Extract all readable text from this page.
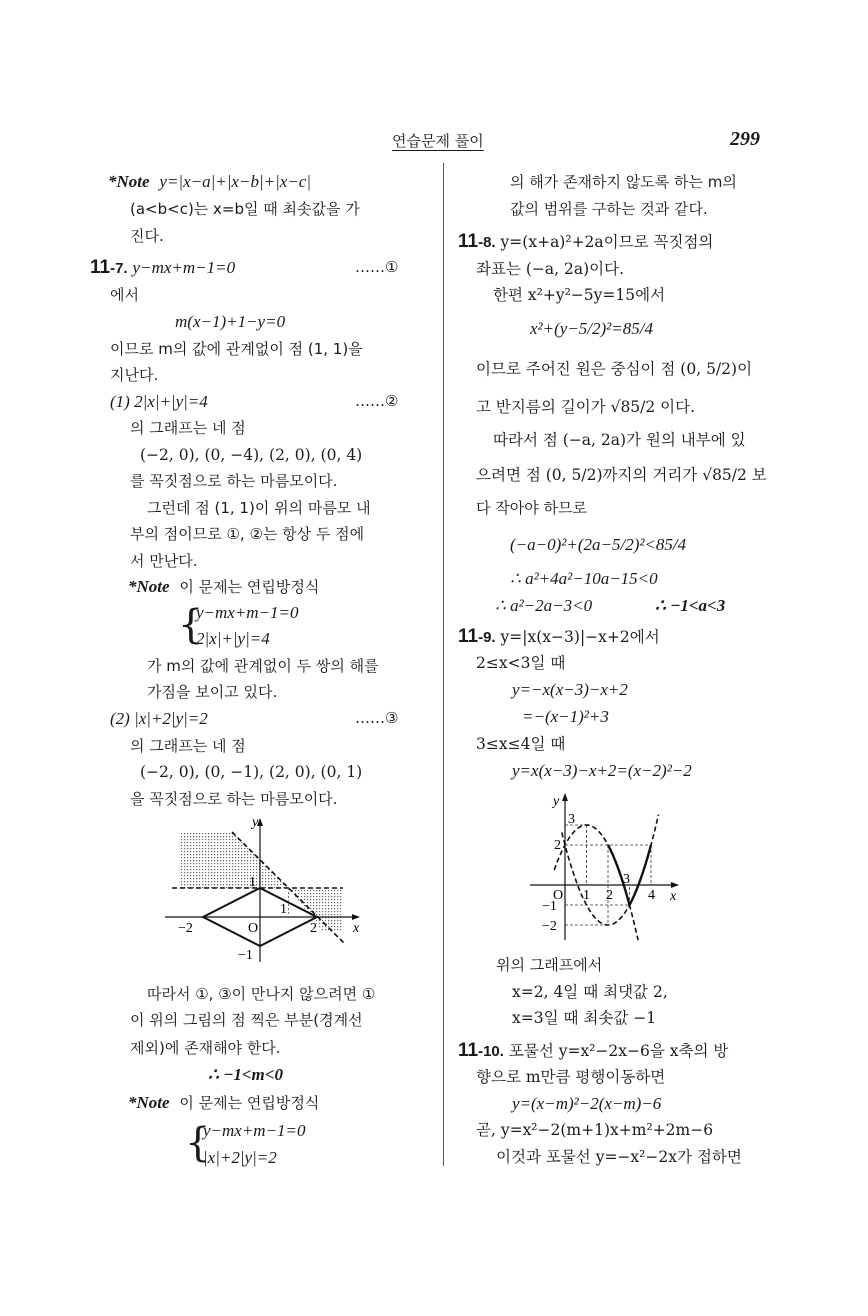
연습문제 풀이	299
*Note y=|x−a|+|x−b|+|x−c|
(a<b<c)는 x=b일 때 최솟값을 가
진다.
11-7. y−mx+m−1=0	……①
에서
m(x−1)+1−y=0
이므로 m의 값에 관계없이 점 (1, 1)을
지난다.
(1) 2|x|+|y|=4	……②
의 그래프는 네 점
(−2, 0), (0, −4), (2, 0), (0, 4)
를 꼭짓점으로 하는 마름모이다.
그런데 점 (1, 1)이 위의 마름모 내
부의 점이므로 ①, ②는 항상 두 점에
서 만난다.
*Note 이 문제는 연립방정식
{
y−mx+m−1=0
2|x|+|y|=4
가 m의 값에 관계없이 두 쌍의 해를
가짐을 보이고 있다.
(2) |x|+2|y|=2	……③
의 그래프는 네 점
(−2, 0), (0, −1), (2, 0), (0, 1)
을 꼭짓점으로 하는 마름모이다.
y
x
O
1
1
2
−2
−1
따라서 ①, ③이 만나지 않으려면 ①
이 위의 그림의 점 찍은 부분(경계선
제외)에 존재해야 한다.
∴ −1<m<0
*Note 이 문제는 연립방정식
{
y−mx+m−1=0
|x|+2|y|=2
의 해가 존재하지 않도록 하는 m의
값의 범위를 구하는 것과 같다.
11-8. y=(x+a)²+2a이므로 꼭짓점의
좌표는 (−a, 2a)이다.
한편 x²+y²−5y=15에서
x²+(y−5/2)²=85/4
이므로 주어진 원은 중심이 점 (0, 5/2)이
고 반지름의 길이가 √85/2 이다.
따라서 점 (−a, 2a)가 원의 내부에 있
으려면 점 (0, 5/2)까지의 거리가 √85/2 보
다 작아야 하므로
(−a−0)²+(2a−5/2)²<85/4
∴ a²+4a²−10a−15<0
∴ a²−2a−3<0	∴ −1<a<3
11-9. y=|x(x−3)|−x+2에서
2≤x<3일 때
y=−x(x−3)−x+2
=−(x−1)²+3
3≤x≤4일 때
y=x(x−3)−x+2=(x−2)²−2
y
x
O 1 2
3
4
3
2
−1
−2
위의 그래프에서
x=2, 4일 때 최댓값 2,
x=3일 때 최솟값 −1
11-10. 포물선 y=x²−2x−6을 x축의 방
향으로 m만큼 평행이동하면
y=(x−m)²−2(x−m)−6
곧, y=x²−2(m+1)x+m²+2m−6
이것과 포물선 y=−x²−2x가 접하면
